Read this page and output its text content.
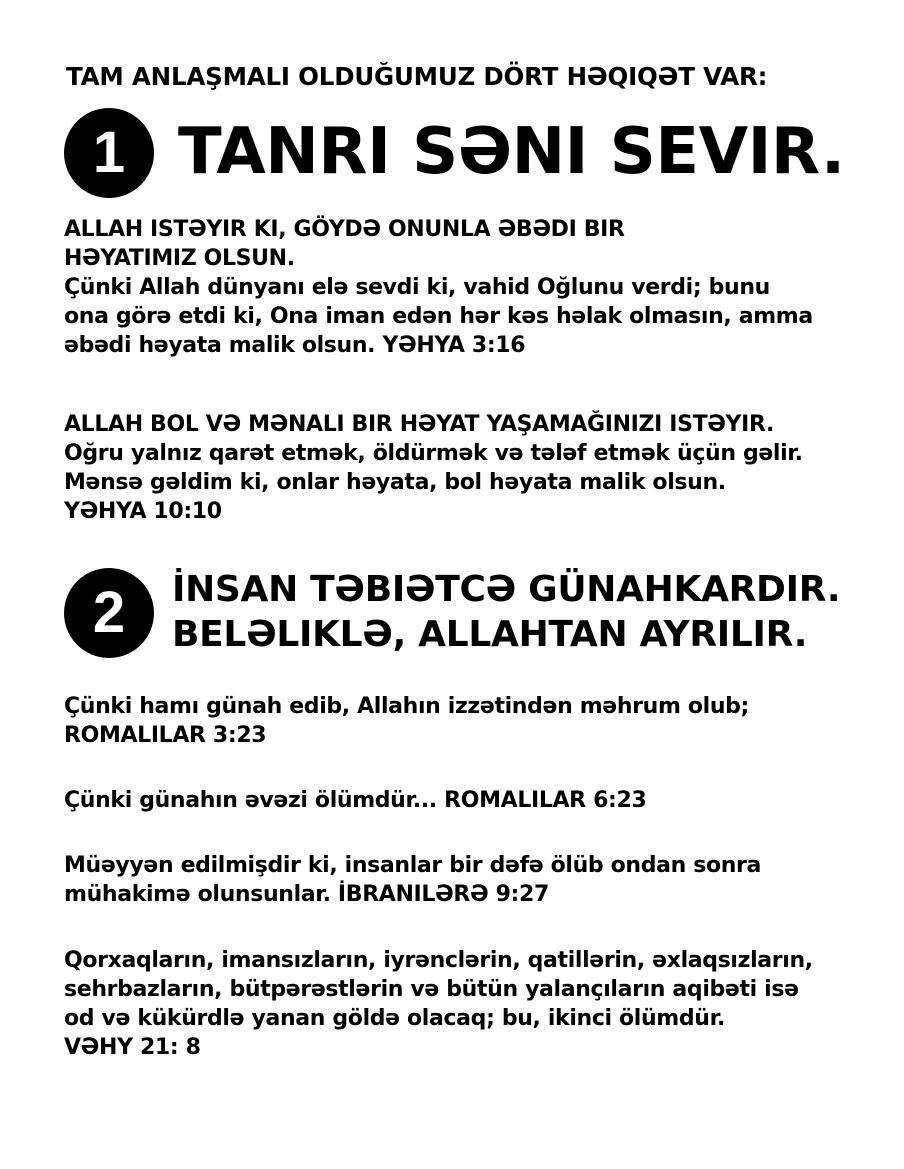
TAM ANLAŞMALI OLDUĞUMUZ DÖRT HƏQIQƏT VAR:
1 TANRI SƏNI SEVIR.

ALLAH ISTƏYIR KI, GÖYDƏ ONUNLA ƏBƏDI BIR

HƏYATIMIZ OLSUN.

Çünki Allah dünyanı elə sevdi ki, vahid Oğlunu verdi; bunu

ona görə etdi ki, Ona iman edən hər kəs həlak olmasın, amma

əbədi həyata malik olsun. YƏHYA 3:16

ALLAH BOL VƏ MƏNALI BIR HƏYAT YAŞAMAĞINIZI ISTƏYIR.

Oğru yalnız qarət etmək, öldürmək və tələf etmək üçün gəlir.

Mənsə gəldim ki, onlar həyata, bol həyata malik olsun.

YƏHYA 10:10

2	İNSAN TƏBIƏTCƏ GÜNAHKARDIR.
BELƏLIKLƏ, ALLAHTAN AYRILIR.

Çünki hamı günah edib, Allahın izzətindən məhrum olub;

ROMALILAR 3:23

Çünki günahın əvəzi ölümdür... ROMALILAR 6:23

Müəyyən edilmişdir ki, insanlar bir dəfə ölüb ondan sonra

mühakimə olunsunlar. İBRANILƏRƏ 9:27

Qorxaqların, imansızların, iyrənclərin, qatillərin, əxlaqsızların,

sehrbazların, bütpərəstlərin və bütün yalançıların aqibəti isə

od və kükürdlə yanan göldə olacaq; bu, ikinci ölümdür.

VƏHY 21: 8
